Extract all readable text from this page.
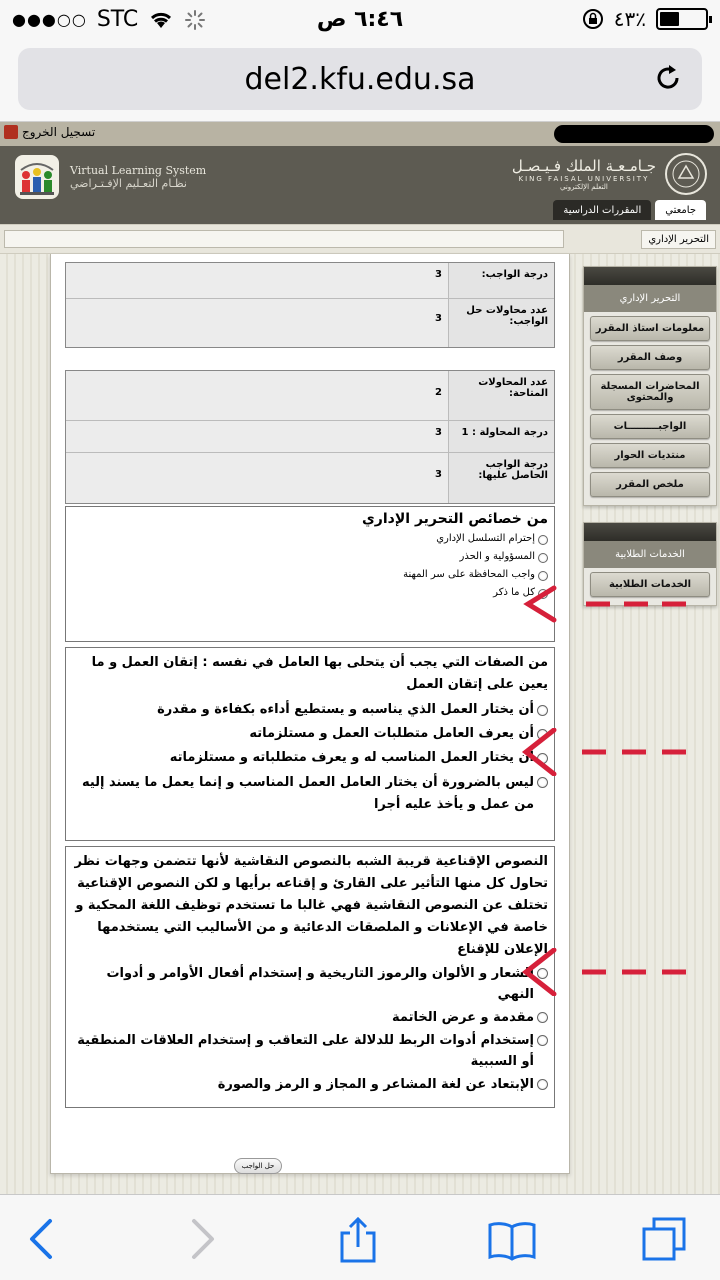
●●●○○ STC	٦:٤٦ ص	٤٣٪
del2.kfu.edu.sa
تسجيل الخروج
Virtual Learning System
نظـام التعـليم الإفـتـراضي
جـامـعـة الملك فـيـصـل
KING FAISAL UNIVERSITY
التعلم الإلكتروني
المقررات الدراسية	جامعتي
التحرير الإداري
درجة الواجب:
3
عدد محاولات حل الواجب:
3
عدد المحاولات المتاحة:
2
درجة المحاولة : 1
3
درجة الواجب الحاصل عليها:
3
من خصائص التحرير الإداري
إحترام التسلسل الإداري
المسؤولية و الحذر
واجب المحافظة على سر المهنة
كل ما ذكر
من الصفات التي يجب أن يتحلى بها العامل في نفسه : إتقان العمل و ما يعين على إتقان العمل
أن يختار العمل الذي يناسبه و يستطيع أداءه بكفاءة و مقدرة
أن يعرف العامل متطلبات العمل و مستلزماته
أن يختار العمل المناسب له و يعرف متطلباته و مستلزماته
ليس بالضرورة أن يختار العامل العمل المناسب و إنما يعمل ما يسند إليه من عمل و يأخذ عليه أجرا
النصوص الإقناعية قريبة الشبه بالنصوص النقاشية لأنها تتضمن وجهات نظر تحاول كل منها التأثير على القارئ و إقناعه برأيها و لكن النصوص الإقناعية تختلف عن النصوص النقاشية فهي غالبا ما تستخدم توظيف اللغة المحكية و خاصة في الإعلانات و الملصقات الدعائية و من الأساليب التي يستخدمها الإعلان للإقناع
الشعار و الألوان والرموز التاريخية و إستخدام أفعال الأوامر و أدوات النهي
مقدمة و عرض الخاتمة
إستخدام أدوات الربط للدلالة على التعاقب و إستخدام العلاقات المنطقية أو السببية
الإبتعاد عن لغة المشاعر و المجاز و الرمز والصورة
حل الواجب
التحرير الإداري
معلومات استاذ المقرر
وصف المقرر
المحاضرات المسجلة والمحتوى
الواجبـــــــــات
منتديات الحوار
ملخص المقرر
الخدمات الطلابية
الخدمات الطلابية
